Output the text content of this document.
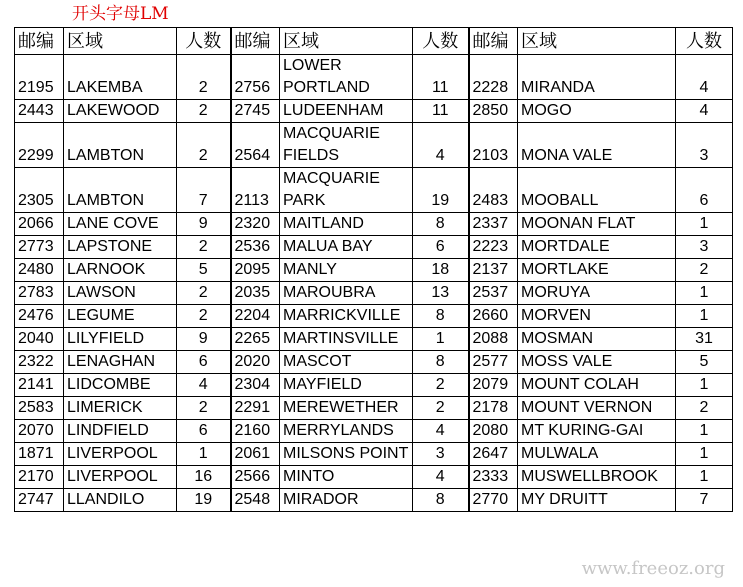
开头字母LM
邮编	区域	人数	邮编	区域	人数	邮编	区域	人数
2195	LAKEMBA	2	2756	LOWER PORTLAND	11	2228	MIRANDA	4
2443	LAKEWOOD	2	2745	LUDEENHAM	11	2850	MOGO	4
2299	LAMBTON	2	2564	MACQUARIE FIELDS	4	2103	MONA VALE	3
2305	LAMBTON	7	2113	MACQUARIE PARK	19	2483	MOOBALL	6
2066	LANE COVE	9	2320	MAITLAND	8	2337	MOONAN FLAT	1
2773	LAPSTONE	2	2536	MALUA BAY	6	2223	MORTDALE	3
2480	LARNOOK	5	2095	MANLY	18	2137	MORTLAKE	2
2783	LAWSON	2	2035	MAROUBRA	13	2537	MORUYA	1
2476	LEGUME	2	2204	MARRICKVILLE	8	2660	MORVEN	1
2040	LILYFIELD	9	2265	MARTINSVILLE	1	2088	MOSMAN	31
2322	LENAGHAN	6	2020	MASCOT	8	2577	MOSS VALE	5
2141	LIDCOMBE	4	2304	MAYFIELD	2	2079	MOUNT COLAH	1
2583	LIMERICK	2	2291	MEREWETHER	2	2178	MOUNT VERNON	2
2070	LINDFIELD	6	2160	MERRYLANDS	4	2080	MT KURING-GAI	1
1871	LIVERPOOL	1	2061	MILSONS POINT	3	2647	MULWALA	1
2170	LIVERPOOL	16	2566	MINTO	4	2333	MUSWELLBROOK	1
2747	LLANDILO	19	2548	MIRADOR	8	2770	MY DRUITT	7
www.freeoz.org
